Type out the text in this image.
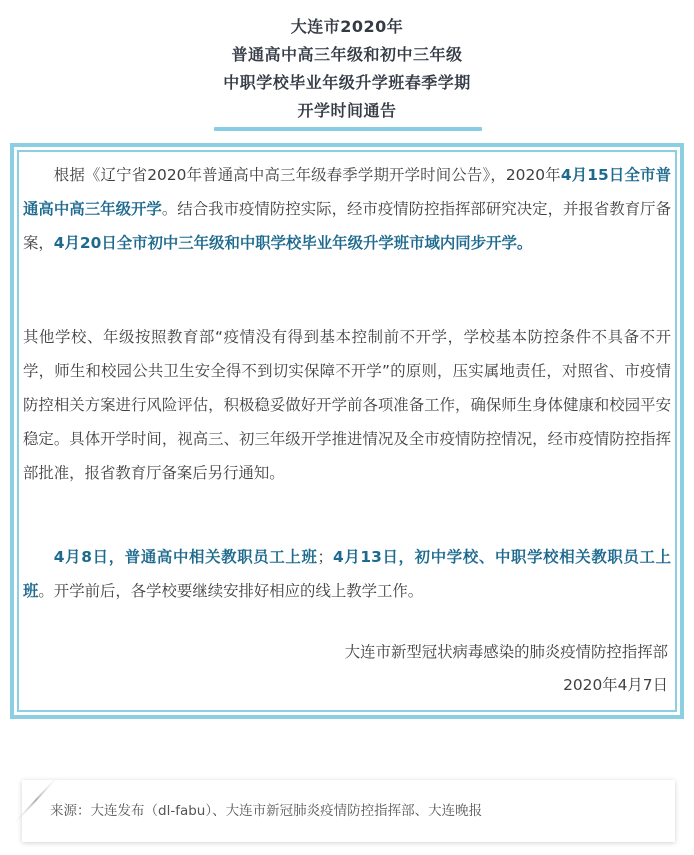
大连市2020年
普通高中高三年级和初中三年级
中职学校毕业年级升学班春季学期
开学时间通告

根据《辽宁省2020年普通高中高三年级春季学期开学时间公告》，2020年4月15日全市普通高中高三年级开学。结合我市疫情防控实际，经市疫情防控指挥部研究决定，并报省教育厅备案，4月20日全市初中三年级和中职学校毕业年级升学班市域内同步开学。

其他学校、年级按照教育部“疫情没有得到基本控制前不开学，学校基本防控条件不具备不开学，师生和校园公共卫生安全得不到切实保障不开学”的原则，压实属地责任，对照省、市疫情防控相关方案进行风险评估，积极稳妥做好开学前各项准备工作，确保师生身体健康和校园平安稳定。具体开学时间，视高三、初三年级开学推进情况及全市疫情防控情况，经市疫情防控指挥部批准，报省教育厅备案后另行通知。

4月8日，普通高中相关教职员工上班；4月13日，初中学校、中职学校相关教职员工上班。开学前后，各学校要继续安排好相应的线上教学工作。

大连市新型冠状病毒感染的肺炎疫情防控指挥部
2020年4月7日
来源：大连发布（dl-fabu）、大连市新冠肺炎疫情防控指挥部、大连晚报
